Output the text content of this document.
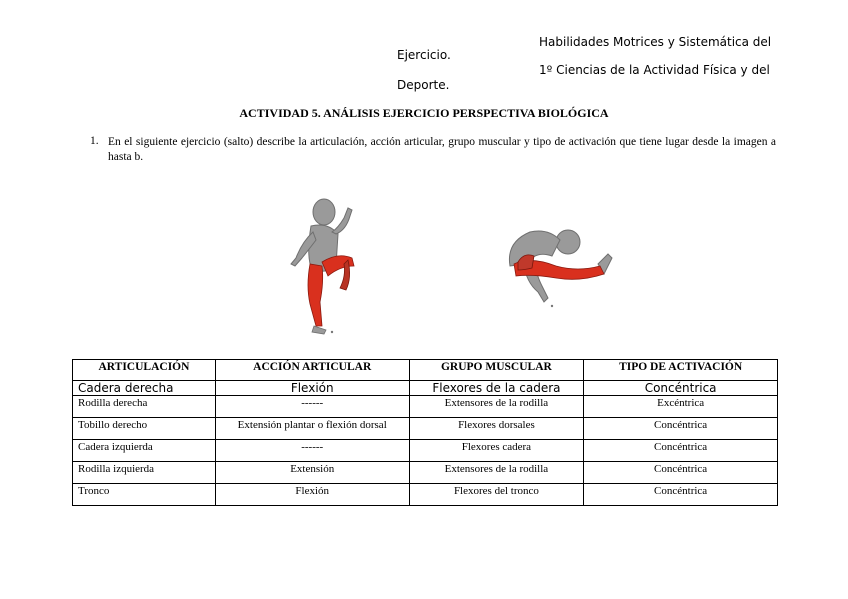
Habilidades Motrices y Sistemática del
Ejercicio.
1º Ciencias de la Actividad Física y del
Deporte.
ACTIVIDAD 5. ANÁLISIS EJERCICIO PERSPECTIVA BIOLÓGICA
1. En el siguiente ejercicio (salto) describe la articulación, acción articular, grupo muscular y tipo de activación que tiene lugar desde la imagen a hasta b.
ARTICULACIÓN	ACCIÓN ARTICULAR	GRUPO MUSCULAR	TIPO DE ACTIVACIÓN
Cadera derecha	Flexión	Flexores de la cadera	Concéntrica
Rodilla derecha	------	Extensores de la rodilla	Excéntrica
Tobillo derecho	Extensión plantar o flexión dorsal	Flexores dorsales	Concéntrica
Cadera izquierda	------	Flexores cadera	Concéntrica
Rodilla izquierda	Extensión	Extensores de la rodilla	Concéntrica
Tronco	Flexión	Flexores del tronco	Concéntrica
